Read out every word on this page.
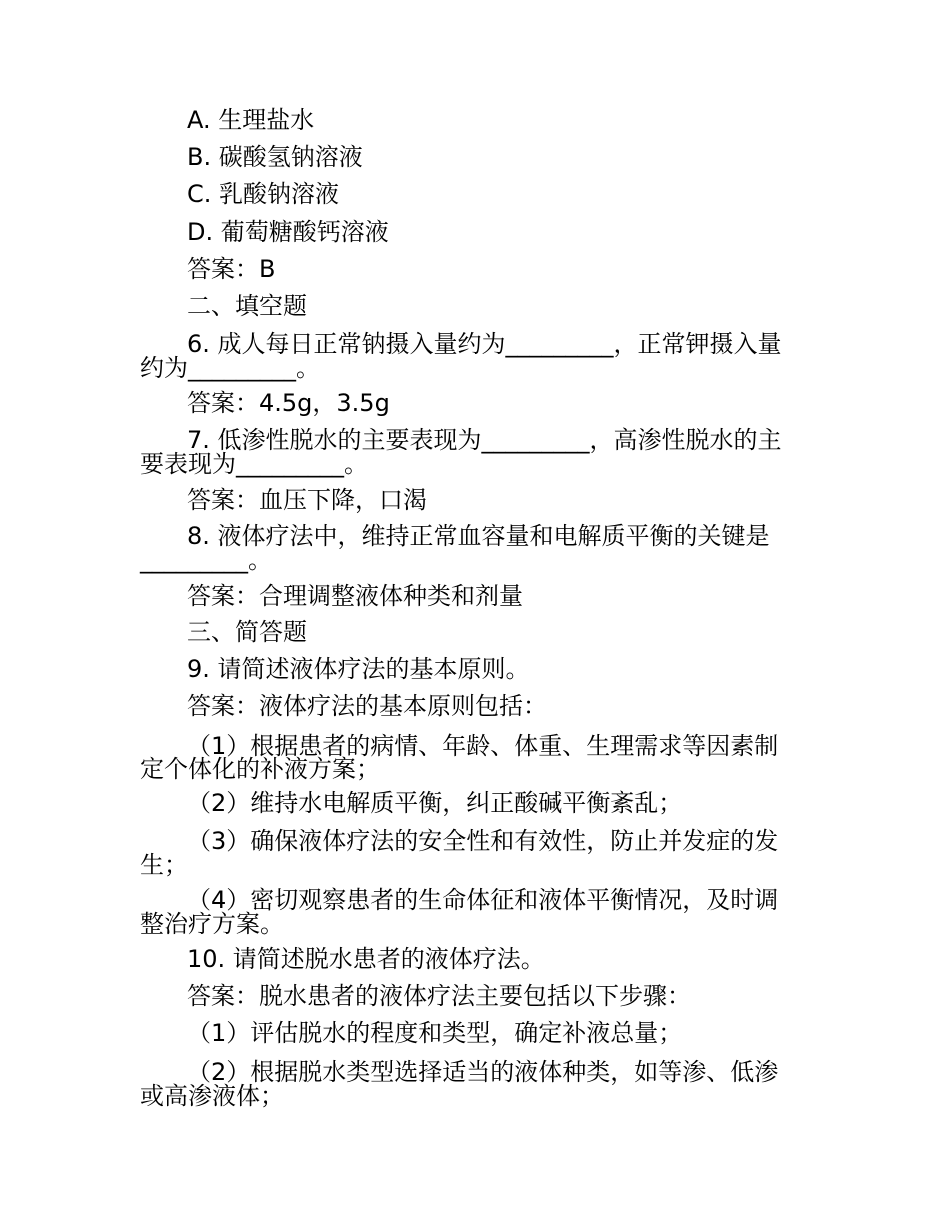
A. 生理盐水
B. 碳酸氢钠溶液
C. 乳酸钠溶液
D. 葡萄糖酸钙溶液
答案：B
二、填空题
6. 成人每日正常钠摄入量约为_________，正常钾摄入量
约为_________。
答案：4.5g，3.5g
7. 低渗性脱水的主要表现为_________，高渗性脱水的主
要表现为_________。
答案：血压下降，口渴
8. 液体疗法中，维持正常血容量和电解质平衡的关键是
_________。
答案：合理调整液体种类和剂量
三、简答题
9. 请简述液体疗法的基本原则。
答案：液体疗法的基本原则包括：
（1）根据患者的病情、年龄、体重、生理需求等因素制
定个体化的补液方案；
（2）维持水电解质平衡，纠正酸碱平衡紊乱；
（3）确保液体疗法的安全性和有效性，防止并发症的发
生；
（4）密切观察患者的生命体征和液体平衡情况，及时调
整治疗方案。
10. 请简述脱水患者的液体疗法。
答案：脱水患者的液体疗法主要包括以下步骤：
（1）评估脱水的程度和类型，确定补液总量；
（2）根据脱水类型选择适当的液体种类，如等渗、低渗
或高渗液体；
